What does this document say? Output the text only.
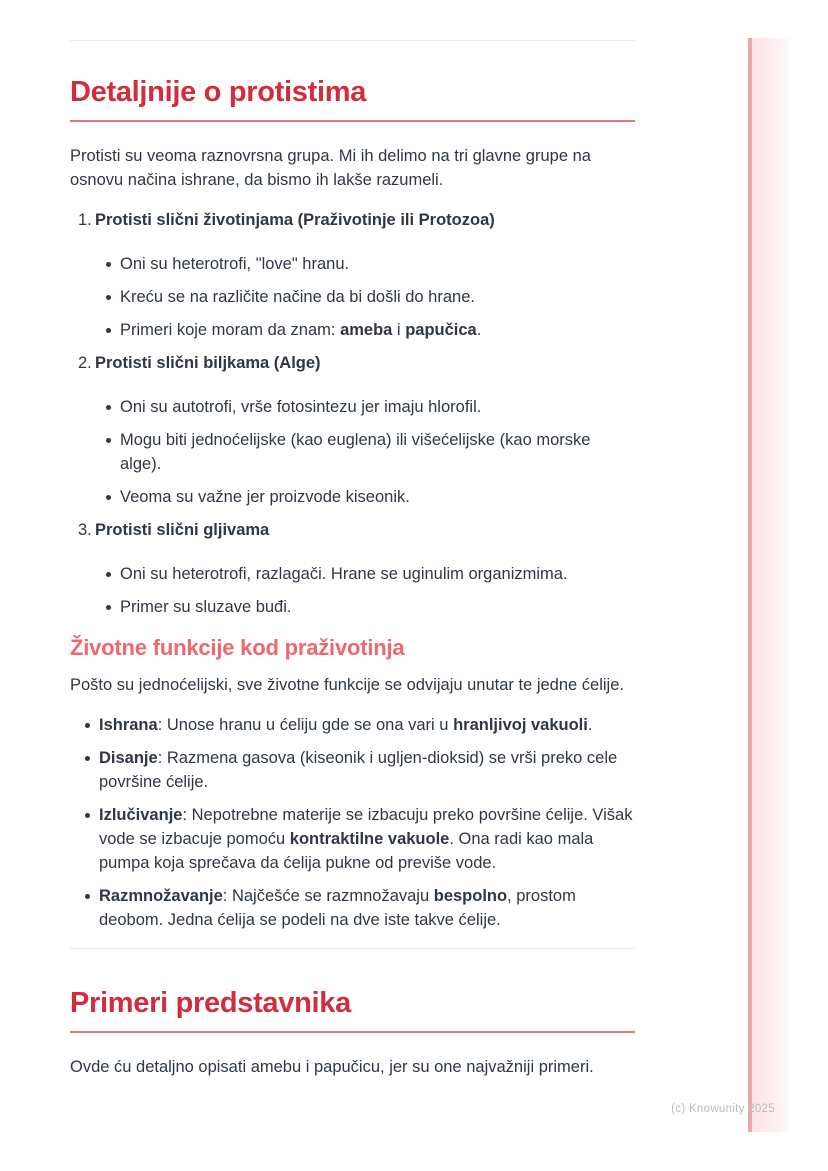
Detaljnije o protistima

Protisti su veoma raznovrsna grupa. Mi ih delimo na tri glavne grupe na osnovu načina ishrane, da bismo ih lakše razumeli.

1. Protisti slični životinjama (Praživotinje ili Protozoa)
Oni su heterotrofi, "love" hranu.
Kreću se na različite načine da bi došli do hrane.
Primeri koje moram da znam: ameba i papučica.
2. Protisti slični biljkama (Alge)
Oni su autotrofi, vrše fotosintezu jer imaju hlorofil.
Mogu biti jednoćelijske (kao euglena) ili višećelijske (kao morske alge).
Veoma su važne jer proizvode kiseonik.
3. Protisti slični gljivama
Oni su heterotrofi, razlagači. Hrane se uginulim organizmima.
Primer su sluzave buđi.
Životne funkcije kod praživotinja

Pošto su jednoćelijski, sve životne funkcije se odvijaju unutar te jedne ćelije.

Ishrana: Unose hranu u ćeliju gde se ona vari u hranljivoj vakuoli.
Disanje: Razmena gasova (kiseonik i ugljen-dioksid) se vrši preko cele površine ćelije.
Izlučivanje: Nepotrebne materije se izbacuju preko površine ćelije. Višak vode se izbacuje pomoću kontraktilne vakuole. Ona radi kao mala pumpa koja sprečava da ćelija pukne od previše vode.
Razmnožavanje: Najčešće se razmnožavaju bespolno, prostom deobom. Jedna ćelija se podeli na dve iste takve ćelije.
Primeri predstavnika

Ovde ću detaljno opisati amebu i papučicu, jer su one najvažniji primeri.

(c) Knowunity 2025
